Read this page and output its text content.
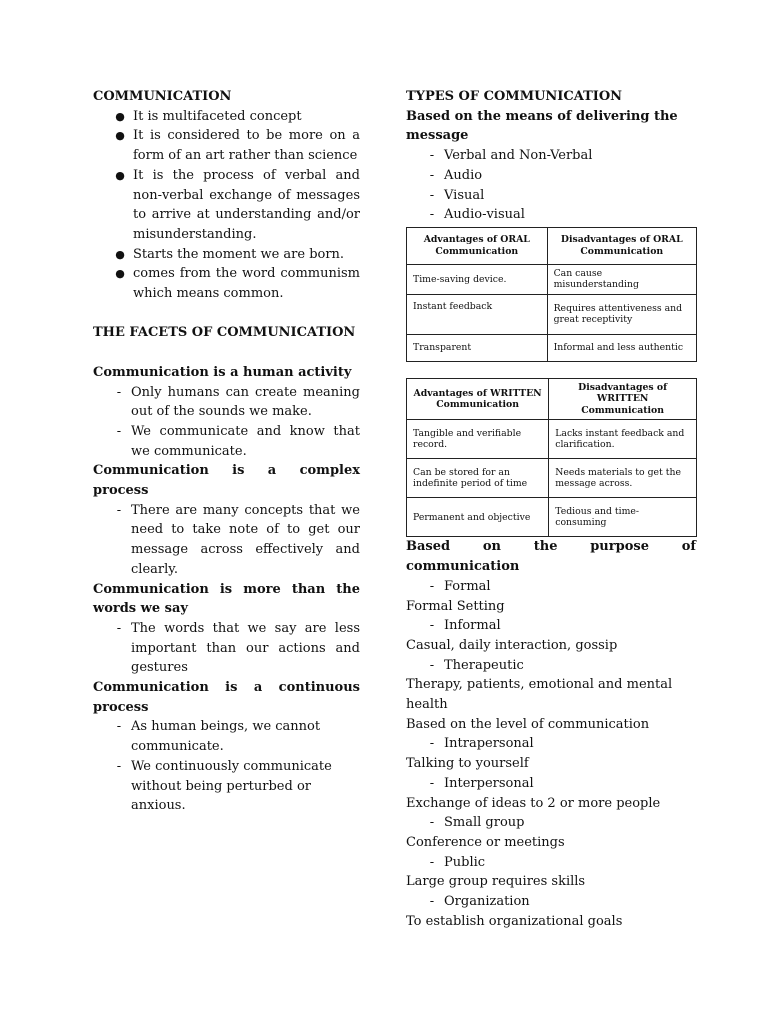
COMMUNICATION
● It is multifaceted concept
● It is considered to be more on a form of an art rather than science
● It is the process of verbal and non-verbal exchange of messages to arrive at understanding and/or misunderstanding.
● Starts the moment we are born.
● comes from the word communism which means common.
THE FACETS OF COMMUNICATION
Communication is a human activity
- Only humans can create meaning out of the sounds we make.
- We communicate and know that we communicate.
Communication is a complex process
- There are many concepts that we need to take note of to get our message across effectively and clearly.
Communication is more than the words we say
- The words that we say are less important than our actions and gestures
Communication is a continuous process
- As human beings, we cannot communicate.
- We continuously communicate without being perturbed or anxious.
TYPES OF COMMUNICATION
Based on the means of delivering the message
- Verbal and Non-Verbal
- Audio
- Visual
- Audio-visual
Advantages of ORAL Communication	Disadvantages of ORAL Communication
Time-saving device.	Can cause misunderstanding
Instant feedback	Requires attentiveness and great receptivity
Transparent	Informal and less authentic
Advantages of WRITTEN Communication	Disadvantages of WRITTEN Communication
Tangible and verifiable record.	Lacks instant feedback and clarification.
Can be stored for an indefinite period of time	Needs materials to get the message across.
Permanent and objective	Tedious and time-consuming
Based on the purpose of communication
- Formal
Formal Setting
- Informal
Casual, daily interaction, gossip
- Therapeutic
Therapy, patients, emotional and mental health
Based on the level of communication
- Intrapersonal
Talking to yourself
- Interpersonal
Exchange of ideas to 2 or more people
- Small group
Conference or meetings
- Public
Large group requires skills
- Organization
To establish organizational goals
